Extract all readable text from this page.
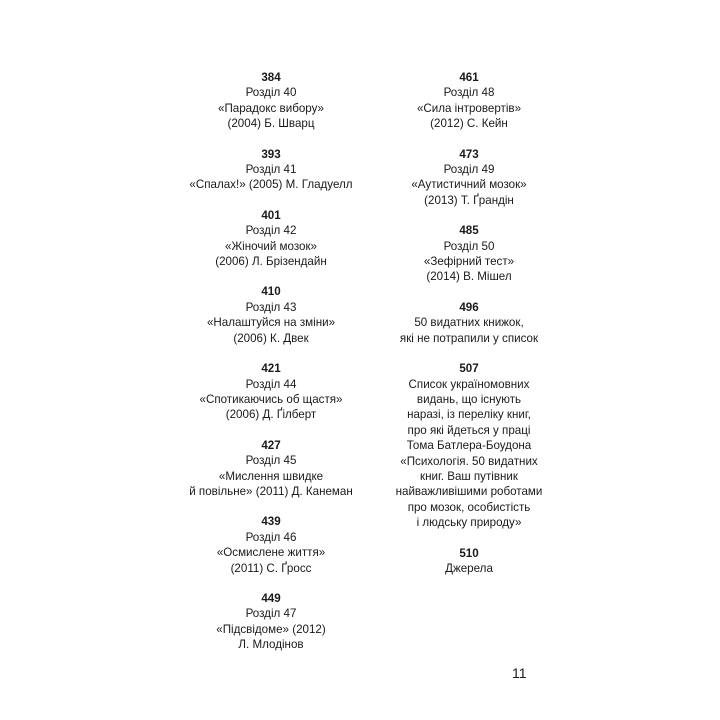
384
Розділ 40
«Парадокс вибору»
(2004) Б. Шварц
393
Розділ 41
«Спалах!» (2005) М. Гладуелл
401
Розділ 42
«Жіночий мозок»
(2006) Л. Брізендайн
410
Розділ 43
«Налаштуйся на зміни»
(2006) К. Двек
421
Розділ 44
«Спотикаючись об щастя»
(2006) Д. Ґілберт
427
Розділ 45
«Мислення швидке
й повільне» (2011) Д. Канеман
439
Розділ 46
«Осмислене життя»
(2011) С. Ґросс
449
Розділ 47
«Підсвідоме» (2012)
Л. Млодінов
461
Розділ 48
«Сила інтровертів»
(2012) С. Кейн
473
Розділ 49
«Аутистичний мозок»
(2013) Т. Ґрандін
485
Розділ 50
«Зефірний тест»
(2014) В. Мішел
496
50 видатних книжок,
які не потрапили у список
507
Список україномовних
видань, що існують
наразі, із переліку книг,
про які йдеться у праці
Тома Батлера-Боудона
«Психологія. 50 видатних
книг. Ваш путівник
найважливішими роботами
про мозок, особистість
і людську природу»
510
Джерела
11
